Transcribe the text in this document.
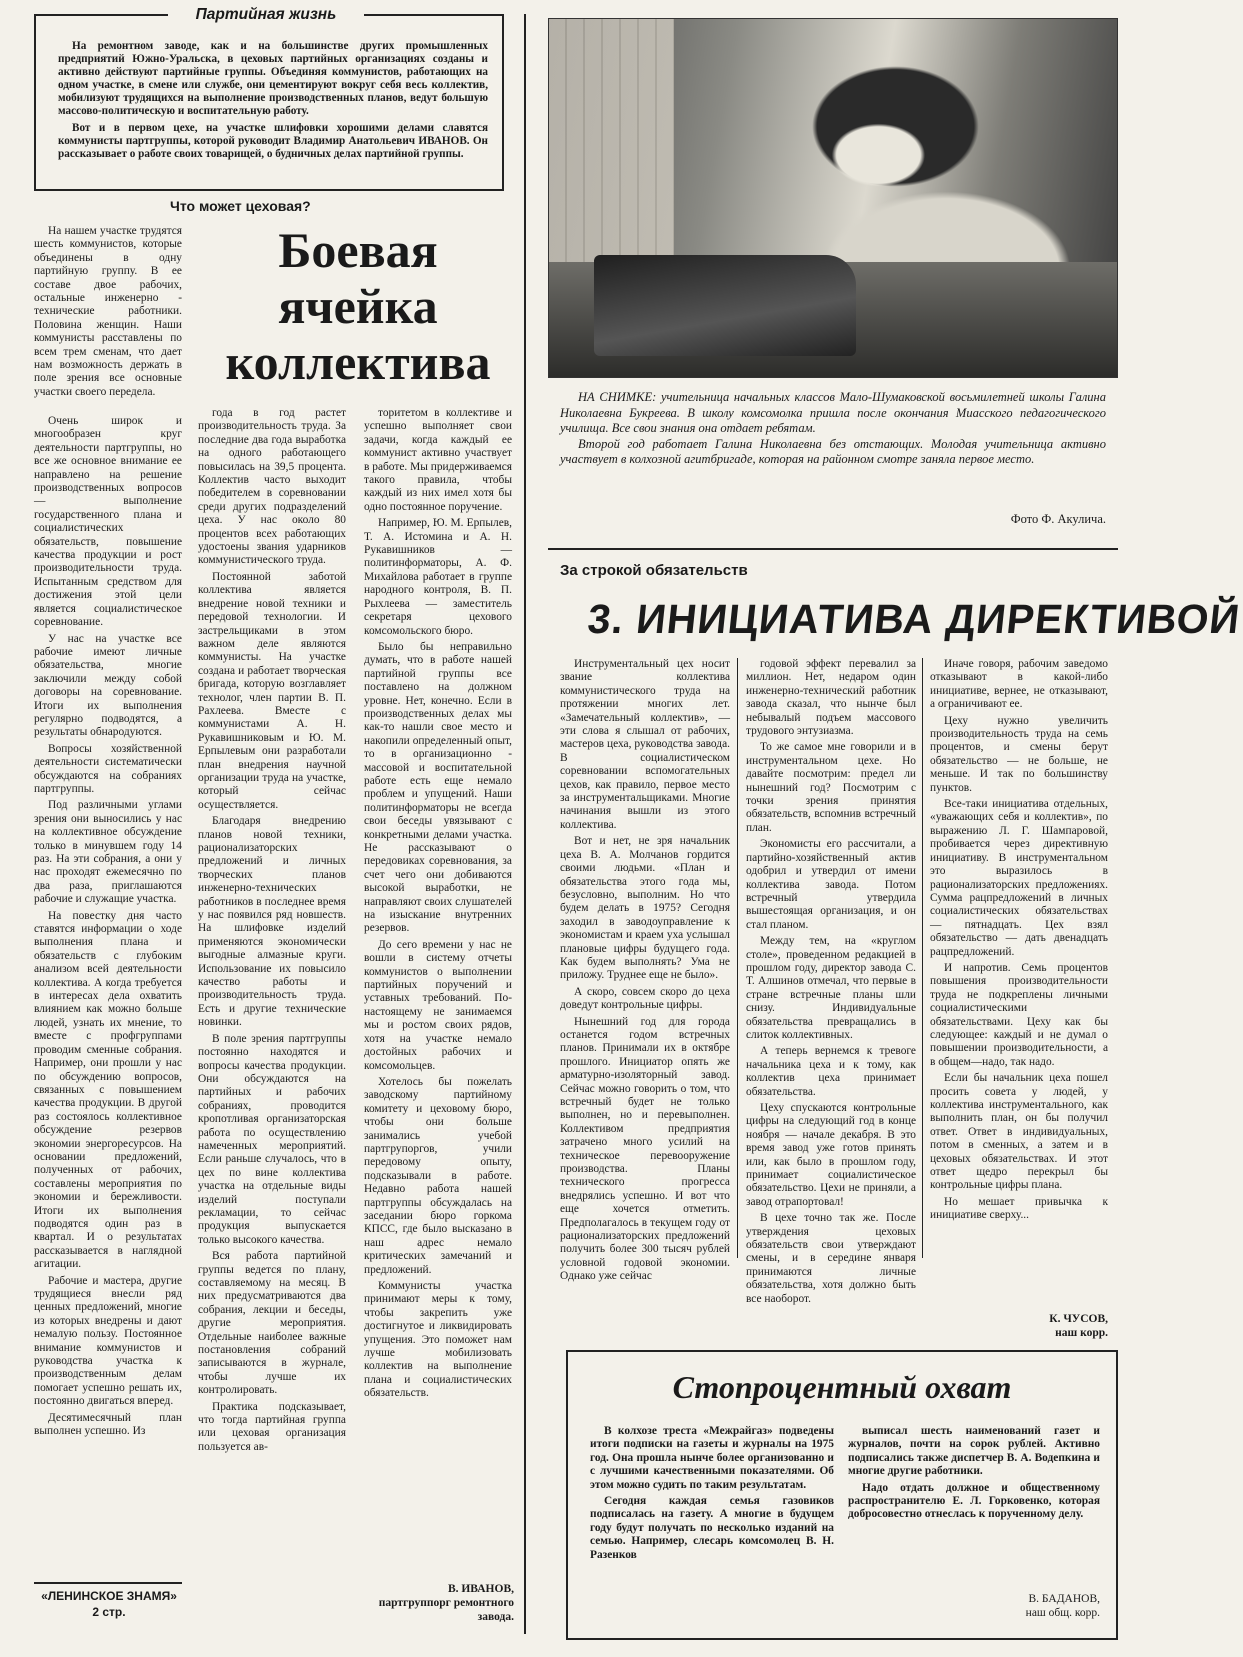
Партийная жизнь

На ремонтном заводе, как и на большинстве других промышленных предприятий Южно-Уральска, в цеховых партийных организациях созданы и активно действуют партийные группы. Объединяя коммунистов, работающих на одном участке, в смене или службе, они цементируют вокруг себя весь коллектив, мобилизуют трудящихся на выполнение производственных планов, ведут большую массово-политическую и воспитательную работу.

Вот и в первом цехе, на участке шлифовки хорошими делами славятся коммунисты партгруппы, которой руководит Владимир Анатольевич ИВАНОВ. Он рассказывает о работе своих товарищей, о будничных делах партийной группы.

Что может цеховая?
Боевая
ячейка
коллектива

На нашем участке трудятся шесть коммунистов, которые объединены в одну партийную группу. В ее составе двое рабочих, остальные инженерно - технические работники. Половина женщин. Наши коммунисты расставлены по всем трем сменам, что дает нам возможность держать в поле зрения все основные участки своего передела.

Очень широк и многообразен круг деятельности партгруппы, но все же основное внимание ее направлено на решение производственных вопросов — выполнение государственного плана и социалистических обязательств, повышение качества продукции и рост производительности труда. Испытанным средством для достижения этой цели является социалистическое соревнование.

У нас на участке все рабочие имеют личные обязательства, многие заключили между собой договоры на соревнование. Итоги их выполнения регулярно подводятся, а результаты обнародуются.

Вопросы хозяйственной деятельности систематически обсуждаются на собраниях партгруппы.

Под различными углами зрения они выносились у нас на коллективное обсуждение только в минувшем году 14 раз. На эти собрания, а они у нас проходят ежемесячно по два раза, приглашаются рабочие и служащие участка.

На повестку дня часто ставятся информации о ходе выполнения плана и обязательств с глубоким анализом всей деятельности коллектива. А когда требуется в интересах дела охватить влиянием как можно больше людей, узнать их мнение, то вместе с профгруппами проводим сменные собрания. Например, они прошли у нас по обсуждению вопросов, связанных с повышением качества продукции. В другой раз состоялось коллективное обсуждение резервов экономии энергоресурсов. На основании предложений, полученных от рабочих, составлены мероприятия по экономии и бережливости. Итоги их выполнения подводятся один раз в квартал. И о результатах рассказывается в наглядной агитации.

Рабочие и мастера, другие трудящиеся внесли ряд ценных предложений, многие из которых внедрены и дают немалую пользу. Постоянное внимание коммунистов и руководства участка к производственным делам помогает успешно решать их, постоянно двигаться вперед.

Десятимесячный план выполнен успешно. Из

года в год растет производительность труда. За последние два года выработка на одного работающего повысилась на 39,5 процента. Коллектив часто выходит победителем в соревновании среди других подразделений цеха. У нас около 80 процентов всех работающих удостоены звания ударников коммунистического труда.

Постоянной заботой коллектива является внедрение новой техники и передовой технологии. И застрельщиками в этом важном деле являются коммунисты. На участке создана и работает творческая бригада, которую возглавляет технолог, член партии В. П. Рахлеева. Вместе с коммунистами А. Н. Рукавишниковым и Ю. М. Ерпылевым они разработали план внедрения научной организации труда на участке, который сейчас осуществляется.

Благодаря внедрению планов новой техники, рационализаторских предложений и личных творческих планов инженерно-технических работников в последнее время у нас появился ряд новшеств. На шлифовке изделий применяются экономически выгодные алмазные круги. Использование их повысило качество работы и производительность труда. Есть и другие технические новинки.

В поле зрения партгруппы постоянно находятся и вопросы качества продукции. Они обсуждаются на партийных и рабочих собраниях, проводится кропотливая организаторская работа по осуществлению намеченных мероприятий. Если раньше случалось, что в цех по вине коллектива участка на отдельные виды изделий поступали рекламации, то сейчас продукция выпускается только высокого качества.

Вся работа партийной группы ведется по плану, составляемому на месяц. В них предусматриваются два собрания, лекции и беседы, другие мероприятия. Отдельные наиболее важные постановления собраний записываются в журнале, чтобы лучше их контролировать.

Практика подсказывает, что тогда партийная группа или цеховая организация пользуется ав-

торитетом в коллективе и успешно выполняет свои задачи, когда каждый ее коммунист активно участвует в работе. Мы придерживаемся такого правила, чтобы каждый из них имел хотя бы одно постоянное поручение.

Например, Ю. М. Ерпылев, Т. А. Истомина и А. Н. Рукавишников — политинформаторы, А. Ф. Михайлова работает в группе народного контроля, В. П. Рыхлеева — заместитель секретаря цехового комсомольского бюро.

Было бы неправильно думать, что в работе нашей партийной группы все поставлено на должном уровне. Нет, конечно. Если в производственных делах мы как-то нашли свое место и накопили определенный опыт, то в организационно - массовой и воспитательной работе есть еще немало проблем и упущений. Наши политинформаторы не всегда свои беседы увязывают с конкретными делами участка. Не рассказывают о передовиках соревнования, за счет чего они добиваются высокой выработки, не направляют своих слушателей на изыскание внутренних резервов.

До сего времени у нас не вошли в систему отчеты коммунистов о выполнении партийных поручений и уставных требований. По-настоящему не занимаемся мы и ростом своих рядов, хотя на участке немало достойных рабочих и комсомольцев.

Хотелось бы пожелать заводскому партийному комитету и цеховому бюро, чтобы они больше занимались учебой партгрупоргов, учили передовому опыту, подсказывали в работе. Недавно работа нашей партгруппы обсуждалась на заседании бюро горкома КПСС, где было высказано в наш адрес немало критических замечаний и предложений.

Коммунисты участка принимают меры к тому, чтобы закрепить уже достигнутое и ликвидировать упущения. Это поможет нам лучше мобилизовать коллектив на выполнение плана и социалистических обязательств.

В. ИВАНОВ,
партгруппорг ремонтного завода.
«ЛЕНИНСКОЕ ЗНАМЯ»
2 стр.

НА СНИМКЕ: учительница начальных классов Мало-Шумаковской восьмилетней школы Галина Николаевна Букреева. В школу комсомолка пришла после окончания Миасского педагогического училища. Все свои знания она отдает ребятам.

Второй год работает Галина Николаевна без отстающих. Молодая учительница активно участвует в колхозной агитбригаде, которая на районном смотре заняла первое место.

Фото Ф. Акулича.
За строкой обязательств
3. ИНИЦИАТИВА ДИРЕКТИВОЙ

Инструментальный цех носит звание коллектива коммунистического труда на протяжении многих лет. «Замечательный коллектив», — эти слова я слышал от рабочих, мастеров цеха, руководства завода. В социалистическом соревновании вспомогательных цехов, как правило, первое место за инструментальщиками. Многие начинания вышли из этого коллектива.

Вот и нет, не зря начальник цеха В. А. Молчанов гордится своими людьми. «План и обязательства этого года мы, безусловно, выполним. Но что будем делать в 1975? Сегодня заходил в заводоуправление к экономистам и краем уха услышал плановые цифры будущего года. Как будем выполнять? Ума не приложу. Труднее еще не было».

А скоро, совсем скоро до цеха доведут контрольные цифры.

Нынешний год для города останется годом встречных планов. Принимали их в октябре прошлого. Инициатор опять же арматурно-изоляторный завод. Сейчас можно говорить о том, что встречный будет не только выполнен, но и перевыполнен. Коллективом предприятия затрачено много усилий на техническое перевооружение производства. Планы технического прогресса внедрялись успешно. И вот что еще хочется отметить. Предполагалось в текущем году от рационализаторских предложений получить более 300 тысяч рублей условной годовой экономии. Однако уже сейчас

годовой эффект перевалил за миллион. Нет, недаром один инженерно-технический работник завода сказал, что нынче был небывалый подъем массового трудового энтузиазма.

То же самое мне говорили и в инструментальном цехе. Но давайте посмотрим: предел ли нынешний год? Посмотрим с точки зрения принятия обязательств, вспомнив встречный план.

Экономисты его рассчитали, а партийно-хозяйственный актив одобрил и утвердил от имени коллектива завода. Потом встречный утвердила вышестоящая организация, и он стал планом.

Между тем, на «круглом столе», проведенном редакцией в прошлом году, директор завода С. Т. Алшинов отмечал, что первые в стране встречные планы шли снизу. Индивидуальные обязательства превращались в слиток коллективных.

А теперь вернемся к тревоге начальника цеха и к тому, как коллектив цеха принимает обязательства.

Цеху спускаются контрольные цифры на следующий год в конце ноября — начале декабря. В это время завод уже готов принять или, как было в прошлом году, принимает социалистическое обязательство. Цехи не приняли, а завод отрапортовал!

В цехе точно так же. После утверждения цеховых обязательств свои утверждают смены, и в середине января принимаются личные обязательства, хотя должно быть все наоборот.

Иначе говоря, рабочим заведомо отказывают в какой-либо инициативе, вернее, не отказывают, а ограничивают ее.

Цеху нужно увеличить производительность труда на семь процентов, и смены берут обязательство — не больше, не меньше. И так по большинству пунктов.

Все-таки инициатива отдельных, «уважающих себя и коллектив», по выражению Л. Г. Шампаровой, пробивается через директивную инициативу. В инструментальном это выразилось в рационализаторских предложениях. Сумма рацпредложений в личных социалистических обязательствах — пятнадцать. Цех взял обязательство — дать двенадцать рацпредложений.

И напротив. Семь процентов повышения производительности труда не подкреплены личными социалистическими обязательствами. Цеху как бы следующее: каждый и не думал о повышении производительности, а в общем—надо, так надо.

Если бы начальник цеха пошел просить совета у людей, у коллектива инструментального, как выполнить план, он бы получил ответ. Ответ в индивидуальных, потом в сменных, а затем и в цеховых обязательствах. И этот ответ щедро перекрыл бы контрольные цифры плана.

Но мешает привычка к инициативе сверху...

К. ЧУСОВ,
наш корр.
Стопроцентный охват

В колхозе треста «Межрайгаз» подведены итоги подписки на газеты и журналы на 1975 год. Она прошла нынче более организованно и с лучшими качественными показателями. Об этом можно судить по таким результатам.

Сегодня каждая семья газовиков подписалась на газету. А многие в будущем году будут получать по несколько изданий на семью. Например, слесарь комсомолец В. Н. Разенков

выписал шесть наименований газет и журналов, почти на сорок рублей. Активно подписались также диспетчер В. А. Водепкина и многие другие работники.

Надо отдать должное и общественному распространителю Е. Л. Горковенко, которая добросовестно отнеслась к порученному делу.

В. БАДАНОВ,
наш общ. корр.
